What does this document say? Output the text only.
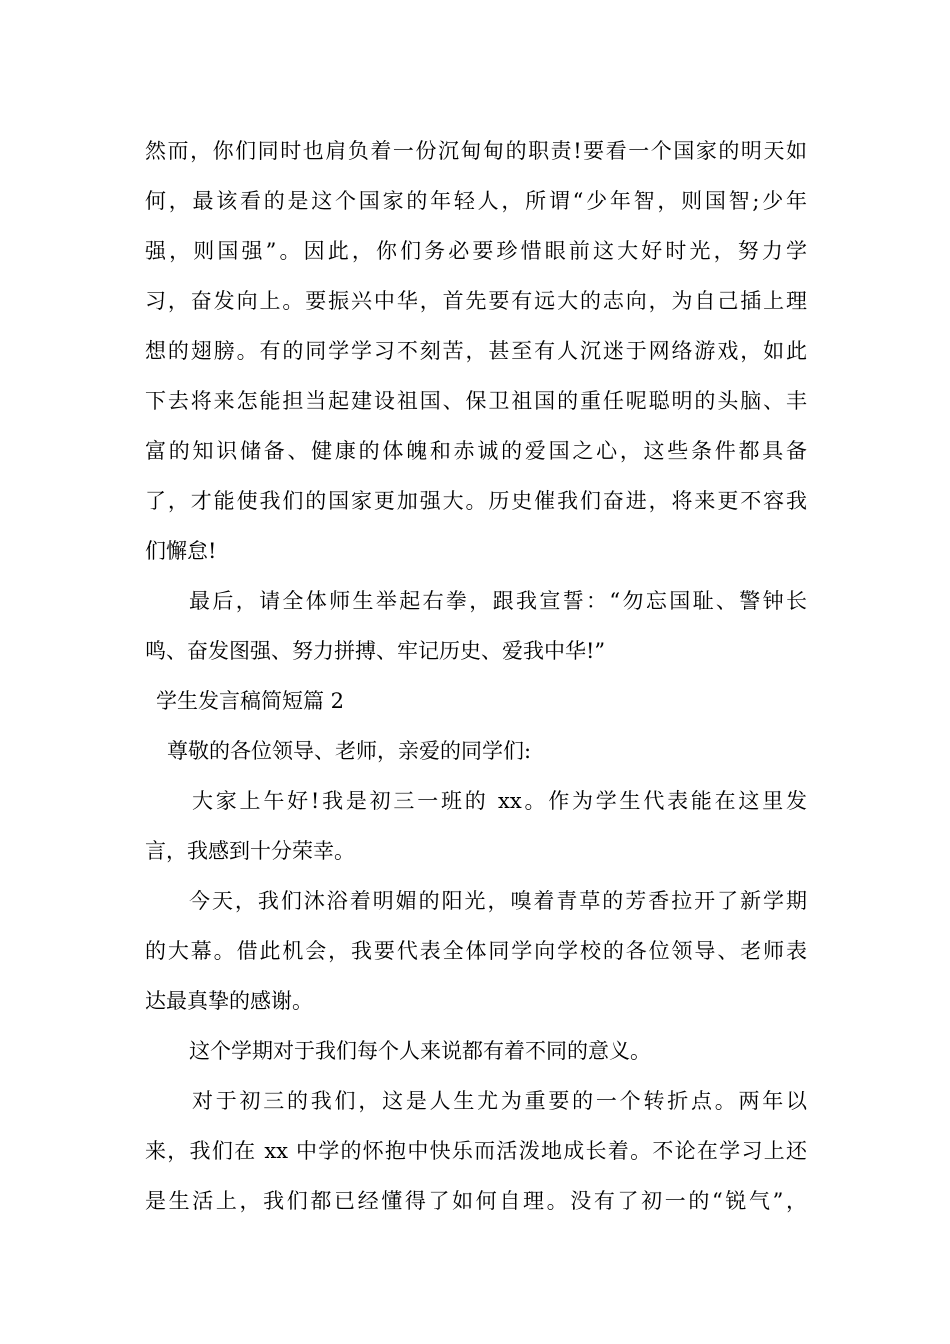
然而，你们同时也肩负着一份沉甸甸的职责!要看一个国家的明天如
何，最该看的是这个国家的年轻人，所谓“少年智，则国智;少年
强，则国强”。因此，你们务必要珍惜眼前这大好时光，努力学
习，奋发向上。要振兴中华，首先要有远大的志向，为自己插上理
想的翅膀。有的同学学习不刻苦，甚至有人沉迷于网络游戏，如此
下去将来怎能担当起建设祖国、保卫祖国的重任呢聪明的头脑、丰
富的知识储备、健康的体魄和赤诚的爱国之心，这些条件都具备
了，才能使我们的国家更加强大。历史催我们奋进，将来更不容我
们懈怠!
最后，请全体师生举起右拳，跟我宣誓：“勿忘国耻、警钟长
鸣、奋发图强、努力拼搏、牢记历史、爱我中华!”
学生发言稿简短篇 2
尊敬的各位领导、老师，亲爱的同学们:
大家上午好!我是初三一班的 xx。作为学生代表能在这里发
言，我感到十分荣幸。
今天，我们沐浴着明媚的阳光，嗅着青草的芳香拉开了新学期
的大幕。借此机会，我要代表全体同学向学校的各位领导、老师表
达最真挚的感谢。
这个学期对于我们每个人来说都有着不同的意义。
对于初三的我们，这是人生尤为重要的一个转折点。两年以
来，我们在 xx 中学的怀抱中快乐而活泼地成长着。不论在学习上还
是生活上，我们都已经懂得了如何自理。没有了初一的“锐气”，
